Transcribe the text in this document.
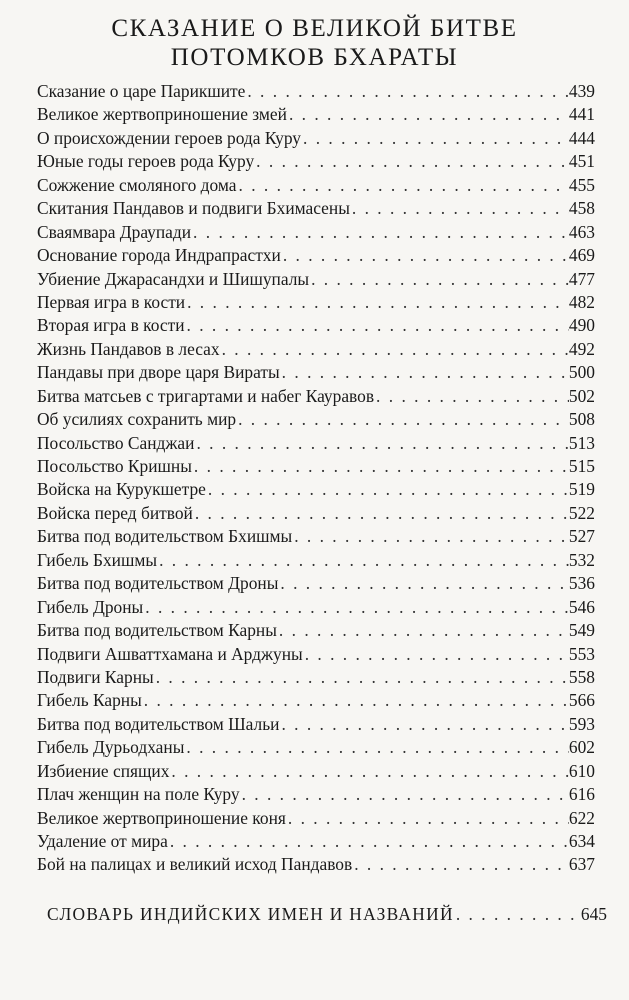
СКАЗАНИЕ О ВЕЛИКОЙ БИТВЕ
ПОТОМКОВ БХАРАТЫ
Сказание о царе Парикшите . . .	439
Великое жертвоприношение змей . . .	441
О происхождении героев рода Куру . . .	444
Юные годы героев рода Куру . . .	451
Сожжение смоляного дома . . .	455
Скитания Пандавов и подвиги Бхимасены . . .	458
Сваямвара Драупади . . .	463
Основание города Индрапрастхи . . .	469
Убиение Джарасандхи и Шишупалы . . .	477
Первая игра в кости . . .	482
Вторая игра в кости . . .	490
Жизнь Пандавов в лесах . . .	492
Пандавы при дворе царя Вираты . . .	500
Битва матсьев с тригартами и набег Кауравов . . .	502
Об усилиях сохранить мир . . .	508
Посольство Санджаи . . .	513
Посольство Кришны . . .	515
Войска на Курукшетре . . .	519
Войска перед битвой . . .	522
Битва под водительством Бхишмы . . .	527
Гибель Бхишмы . . .	532
Битва под водительством Дроны . . .	536
Гибель Дроны . . .	546
Битва под водительством Карны . . .	549
Подвиги Ашваттхамана и Арджуны . . .	553
Подвиги Карны . . .	558
Гибель Карны . . .	566
Битва под водительством Шальи . . .	593
Гибель Дурьодханы . . .	602
Избиение спящих . . .	610
Плач женщин на поле Куру . . .	616
Великое жертвоприношение коня . . .	622
Удаление от мира . . .	634
Бой на палицах и великий исход Пандавов . . .	637
СЛОВАРЬ ИНДИЙСКИХ ИМЕН И НАЗВАНИЙ . . .	645
